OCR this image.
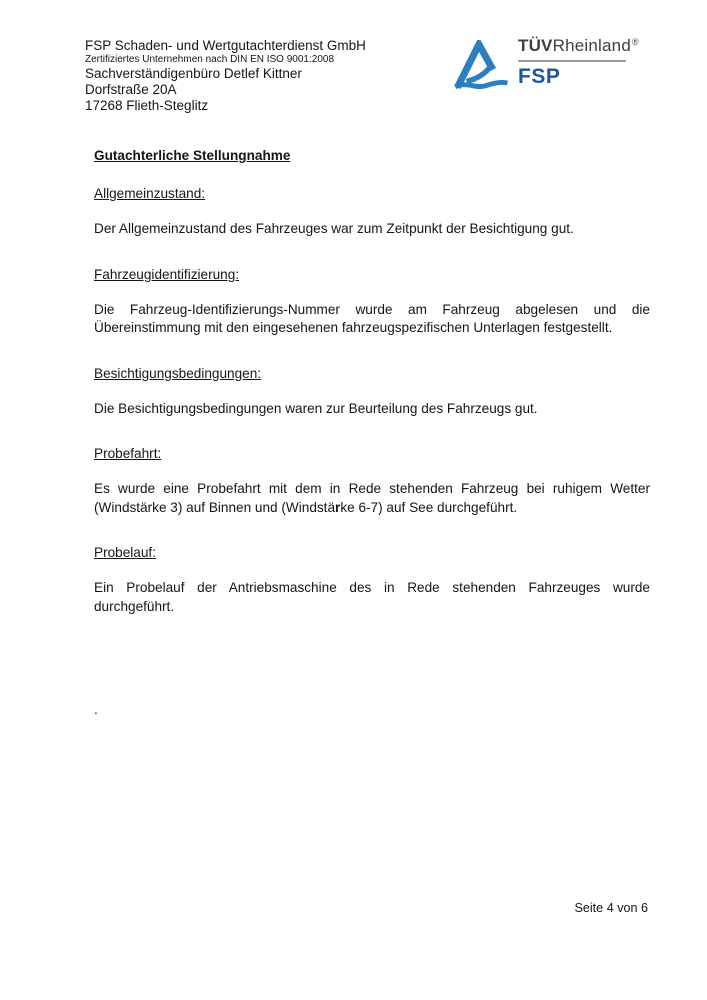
FSP Schaden- und Wertgutachterdienst GmbH
Zertifiziertes Unternehmen nach DIN EN ISO 9001:2008
Sachverständigenbüro Detlef Kittner
Dorfstraße 20A
17268 Flieth-Steglitz
TÜVRheinland®
FSP
Gutachterliche Stellungnahme
Allgemeinzustand:

Der Allgemeinzustand des Fahrzeuges war zum Zeitpunkt der Besichtigung gut.

Fahrzeugidentifizierung:

Die Fahrzeug-Identifizierungs-Nummer wurde am Fahrzeug abgelesen und die Übereinstimmung mit den eingesehenen fahrzeugspezifischen Unterlagen festgestellt.

Besichtigungsbedingungen:

Die Besichtigungsbedingungen waren zur Beurteilung des Fahrzeugs gut.

Probefahrt:

Es wurde eine Probefahrt mit dem in Rede stehenden Fahrzeug bei ruhigem Wetter (Windstärke 3) auf Binnen und (Windstärke 6-7) auf See durchgeführt.

Probelauf:

Ein Probelauf der Antriebsmaschine des in Rede stehenden Fahrzeuges wurde durchgeführt.

.
Seite 4 von 6
